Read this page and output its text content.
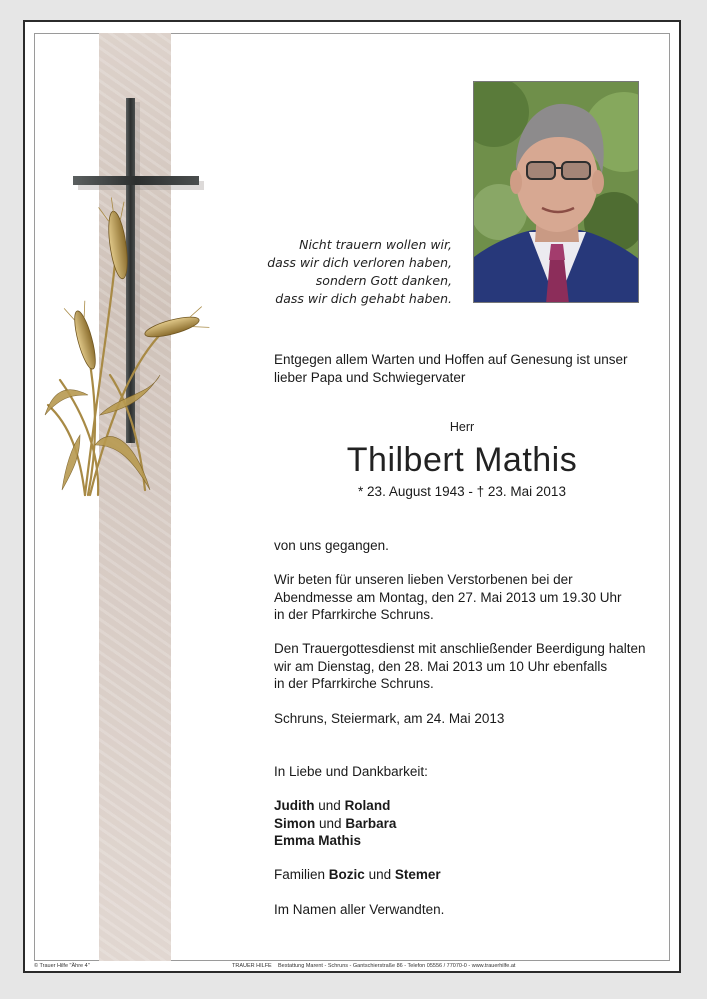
Nicht trauern wollen wir,
dass wir dich verloren haben,
sondern Gott danken,
dass wir dich gehabt haben.
Entgegen allem Warten und Hoffen auf Genesung ist unser
lieber Papa und Schwiegervater
Herr
Thilbert Mathis
* 23. August 1943 - † 23. Mai 2013
von uns gegangen.
Wir beten für unseren lieben Verstorbenen bei der
Abendmesse am Montag, den 27. Mai 2013 um 19.30 Uhr
in der Pfarrkirche Schruns.
Den Trauergottesdienst mit anschließender Beerdigung halten
wir am Dienstag, den 28. Mai 2013 um 10 Uhr ebenfalls
in der Pfarrkirche Schruns.
Schruns, Steiermark, am 24. Mai 2013
In Liebe und Dankbarkeit:
Judith und Roland
Simon und Barbara
Emma Mathis
Familien Bozic und Stemer
Im Namen aller Verwandten.
© Trauer Hilfe "Ähre 4"	TRAUER HILFE Bestattung Marent - Schruns - Gantschierstraße 86 - Telefon 05556 / 77070-0 - www.trauerhilfe.at
